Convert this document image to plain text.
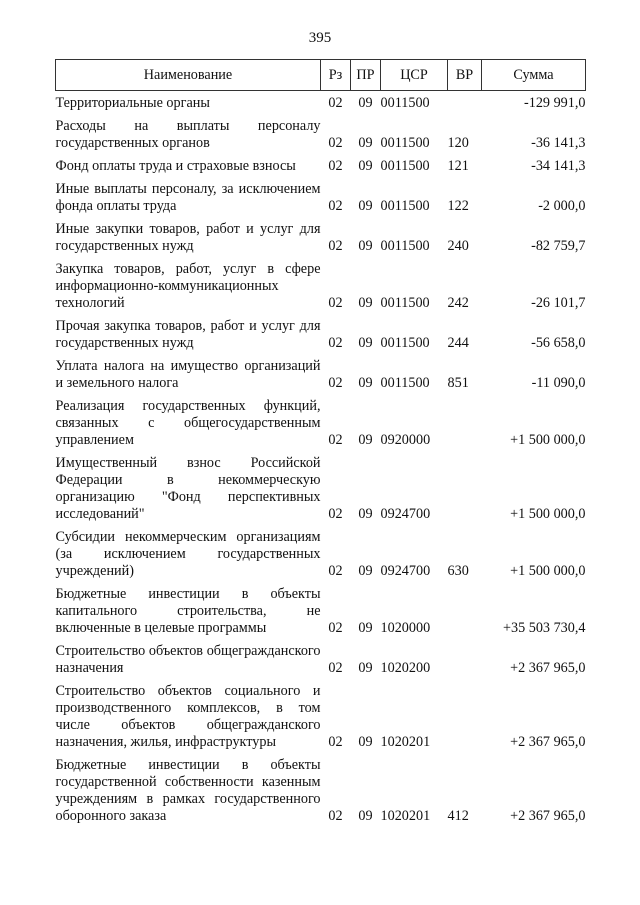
395
Наименование	Рз	ПР	ЦСР	ВР	Сумма
Территориальные органы	02	09	0011500		-129 991,0
Расходы на выплаты персоналу государственных органов	02	09	0011500	120	-36 141,3
Фонд оплаты труда и страховые взносы	02	09	0011500	121	-34 141,3
Иные выплаты персоналу, за исключением фонда оплаты труда	02	09	0011500	122	-2 000,0
Иные закупки товаров, работ и услуг для государственных нужд	02	09	0011500	240	-82 759,7
Закупка товаров, работ, услуг в сфере информационно-коммуникационных технологий	02	09	0011500	242	-26 101,7
Прочая закупка товаров, работ и услуг для государственных нужд	02	09	0011500	244	-56 658,0
Уплата налога на имущество организаций и земельного налога	02	09	0011500	851	-11 090,0
Реализация государственных функций, связанных с общегосударственным управлением	02	09	0920000		+1 500 000,0
Имущественный взнос Российской Федерации в некоммерческую организацию "Фонд перспективных исследований"	02	09	0924700		+1 500 000,0
Субсидии некоммерческим организациям (за исключением государственных учреждений)	02	09	0924700	630	+1 500 000,0
Бюджетные инвестиции в объекты капитального строительства, не включенные в целевые программы	02	09	1020000		+35 503 730,4
Строительство объектов общегражданского назначения	02	09	1020200		+2 367 965,0
Строительство объектов социального и производственного комплексов, в том числе объектов общегражданского назначения, жилья, инфраструктуры	02	09	1020201		+2 367 965,0
Бюджетные инвестиции в объекты государственной собственности казенным учреждениям в рамках государственного оборонного заказа	02	09	1020201	412	+2 367 965,0
